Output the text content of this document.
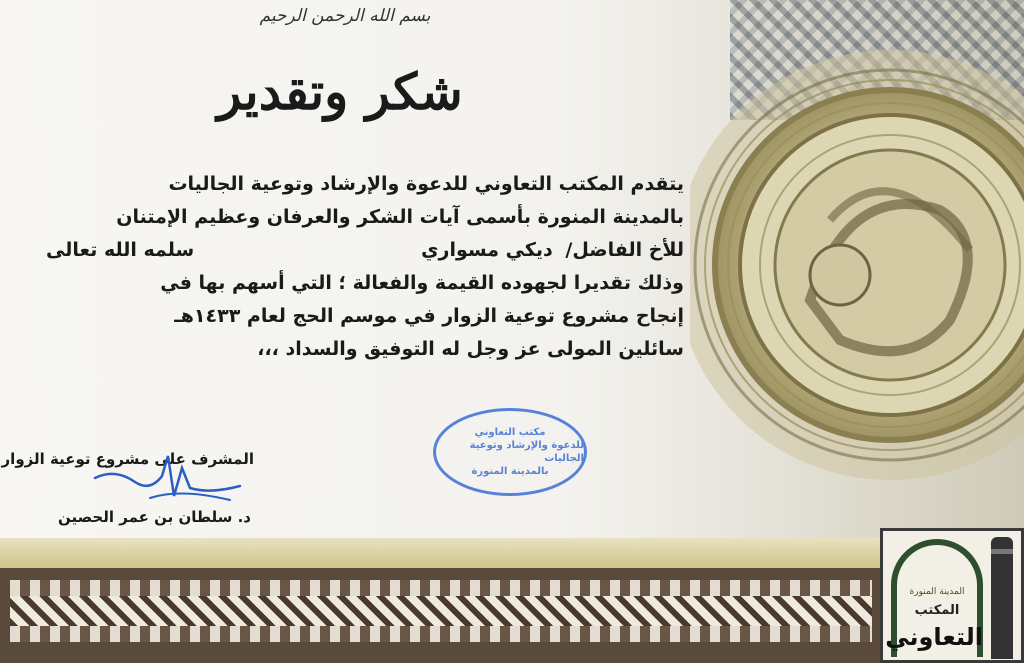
بسم الله الرحمن الرحيم
شكر وتقدير
يتقدم المكتب التعاوني للدعوة والإرشاد وتوعية الجاليات
بالمدينة المنورة بأسمى آيات الشكر والعرفان وعظيم الإمتنان
للأخ الفاضل/ ديكي مسواري
سلمه الله تعالى
وذلك تقديرا لجهوده القيمة والفعالة ؛ التي أسهم بها في
إنجاح مشروع توعية الزوار في موسم الحج لعام ١٤٣٣هـ
سائلين المولى عز وجل له التوفيق والسداد ،،،
مكتب التعاوني
للدعوة والإرشاد وتوعية الجاليات
بالمدينة المنورة
المشرف على مشروع توعية الزوار
د. سلطان بن عمر الحصين
المدينة المنورة
المكتب
التعاوني
